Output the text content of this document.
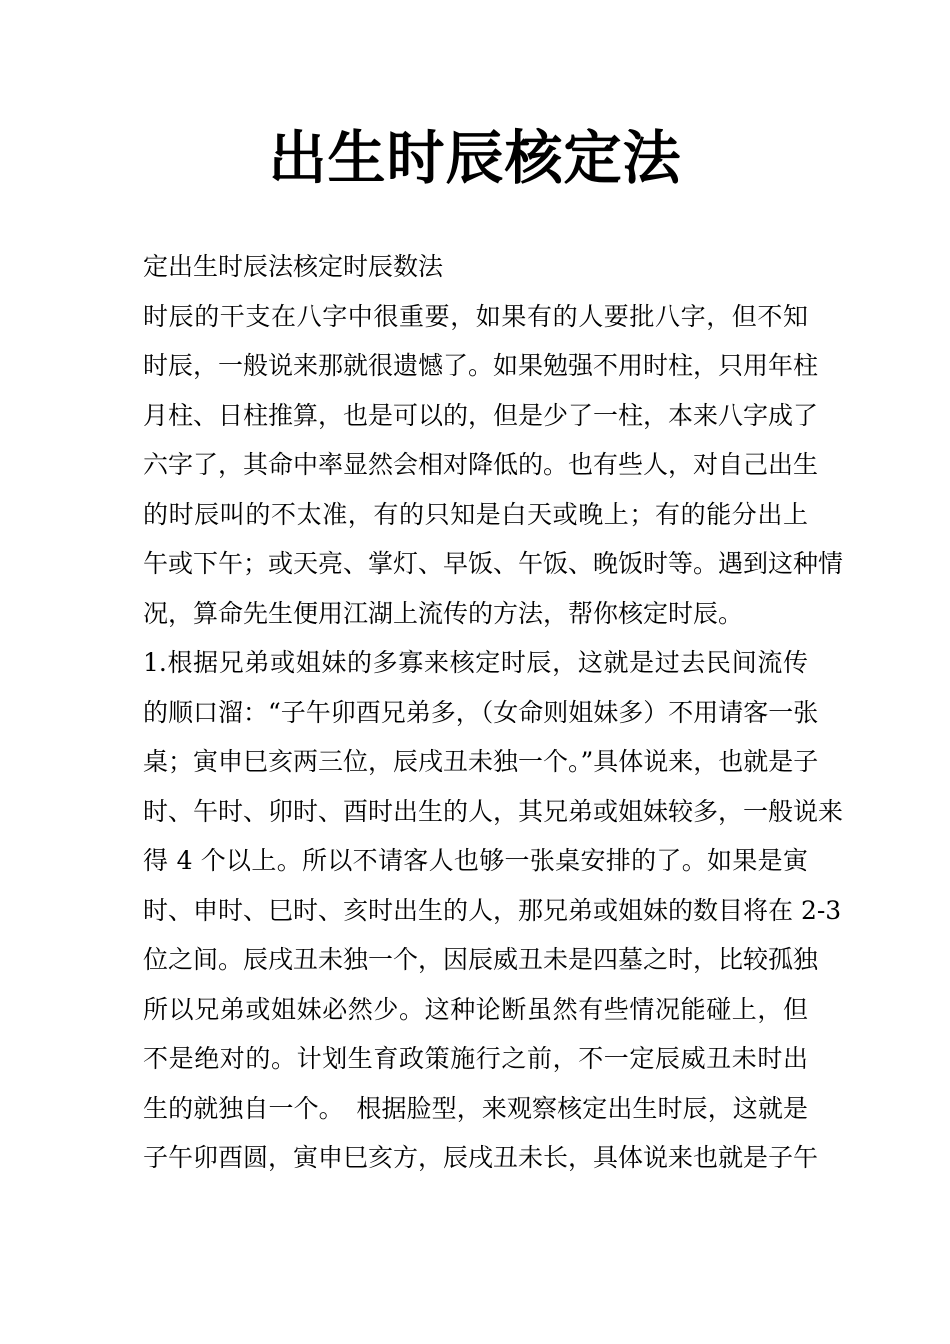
出生时辰核定法
定出生时辰法核定时辰数法
时辰的干支在八字中很重要，如果有的人要批八字，但不知
时辰，一般说来那就很遗憾了。如果勉强不用时柱，只用年柱
月柱、日柱推算，也是可以的，但是少了一柱，本来八字成了
六字了，其命中率显然会相对降低的。也有些人，对自己出生
的时辰叫的不太准，有的只知是白天或晚上；有的能分出上
午或下午；或天亮、掌灯、早饭、午饭、晚饭时等。遇到这种情
况，算命先生便用江湖上流传的方法，帮你核定时辰。
1.根据兄弟或姐妹的多寡来核定时辰，这就是过去民间流传
的顺口溜：“子午卯酉兄弟多，（女命则姐妹多）不用请客一张
桌；寅申巳亥两三位，辰戌丑未独一个。”具体说来，也就是子
时、午时、卯时、酉时出生的人，其兄弟或姐妹较多，一般说来
得 4 个以上。所以不请客人也够一张桌安排的了。如果是寅
时、申时、巳时、亥时出生的人，那兄弟或姐妹的数目将在 2-3
位之间。辰戌丑未独一个，因辰威丑未是四墓之时，比较孤独
所以兄弟或姐妹必然少。这种论断虽然有些情况能碰上，但
不是绝对的。计划生育政策施行之前，不一定辰威丑未时出
生的就独自一个。　根据脸型，来观察核定出生时辰，这就是
子午卯酉圆，寅申巳亥方，辰戌丑未长，具体说来也就是子午
